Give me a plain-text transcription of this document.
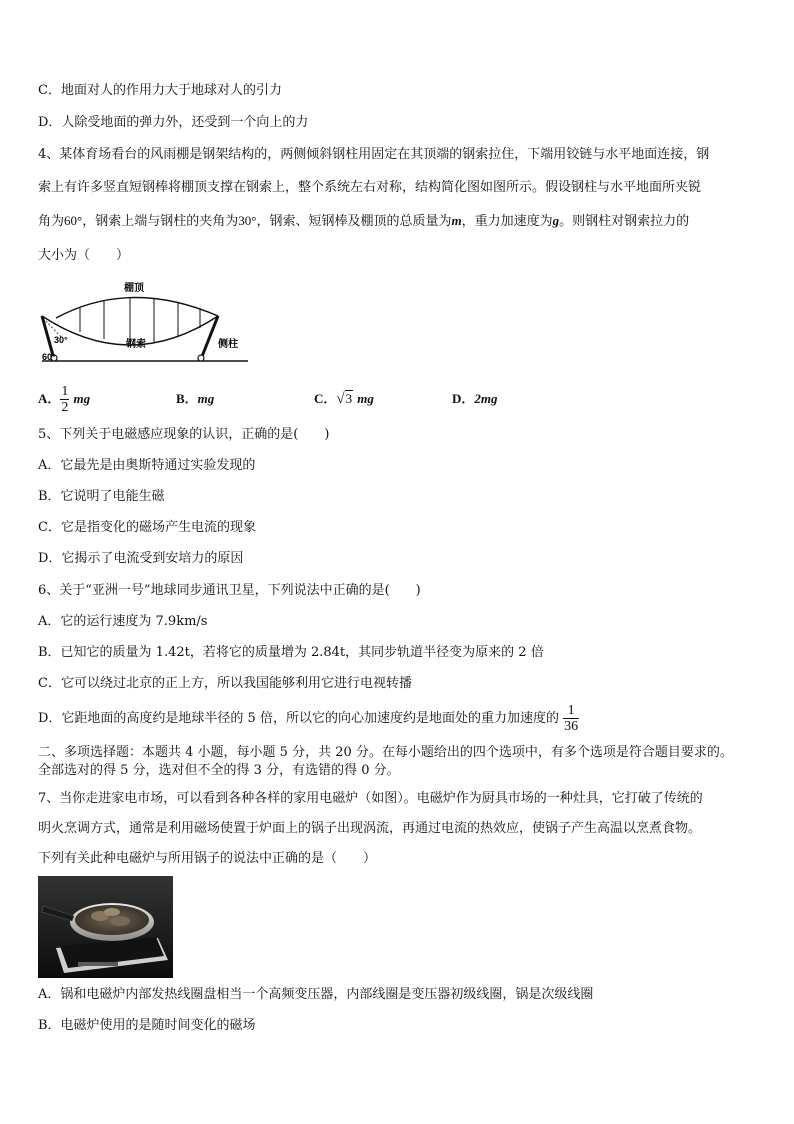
C．地面对人的作用力大于地球对人的引力
D．人除受地面的弹力外，还受到一个向上的力
4、某体育场看台的风雨棚是钢架结构的，两侧倾斜钢柱用固定在其顶端的钢索拉住，下端用铰链与水平地面连接，钢
索上有许多竖直短钢棒将棚顶支撑在钢索上，整个系统左右对称，结构简化图如图所示。假设钢柱与水平地面所夹锐
角为60°，钢索上端与钢柱的夹角为30°，钢索、短钢棒及棚顶的总质量为m，重力加速度为g。则钢柱对钢索拉力的
大小为（　　）
30°
60°
棚顶
钢索	侧柱
A． $\frac{1}{2}$ mg	B．mg	C．√3 mg	D．2mg
5、下列关于电磁感应现象的认识，正确的是(　　)
A．它最先是由奥斯特通过实验发现的
B．它说明了电能生磁
C．它是指变化的磁场产生电流的现象
D．它揭示了电流受到安培力的原因
6、关于“亚洲一号”地球同步通讯卫星，下列说法中正确的是(　　)
A．它的运行速度为 7.9km/s
B．已知它的质量为 1.42t，若将它的质量增为 2.84t，其同步轨道半径变为原来的 2 倍
C．它可以绕过北京的正上方，所以我国能够利用它进行电视转播
D．它距地面的高度约是地球半径的 5 倍，所以它的向心加速度约是地面处的重力加速度的 $\frac{1}{36}$
二、多项选择题：本题共 4 小题，每小题 5 分，共 20 分。在每小题给出的四个选项中，有多个选项是符合题目要求的。
全部选对的得 5 分，选对但不全的得 3 分，有选错的得 0 分。
7、当你走进家电市场，可以看到各种各样的家用电磁炉（如图）。电磁炉作为厨具市场的一种灶具，它打破了传统的
明火烹调方式，通常是利用磁场使置于炉面上的锅子出现涡流，再通过电流的热效应，使锅子产生高温以烹煮食物。
下列有关此种电磁炉与所用锅子的说法中正确的是（　　）
A．锅和电磁炉内部发热线圈盘相当一个高频变压器，内部线圈是变压器初级线圈，锅是次级线圈
B．电磁炉使用的是随时间变化的磁场
